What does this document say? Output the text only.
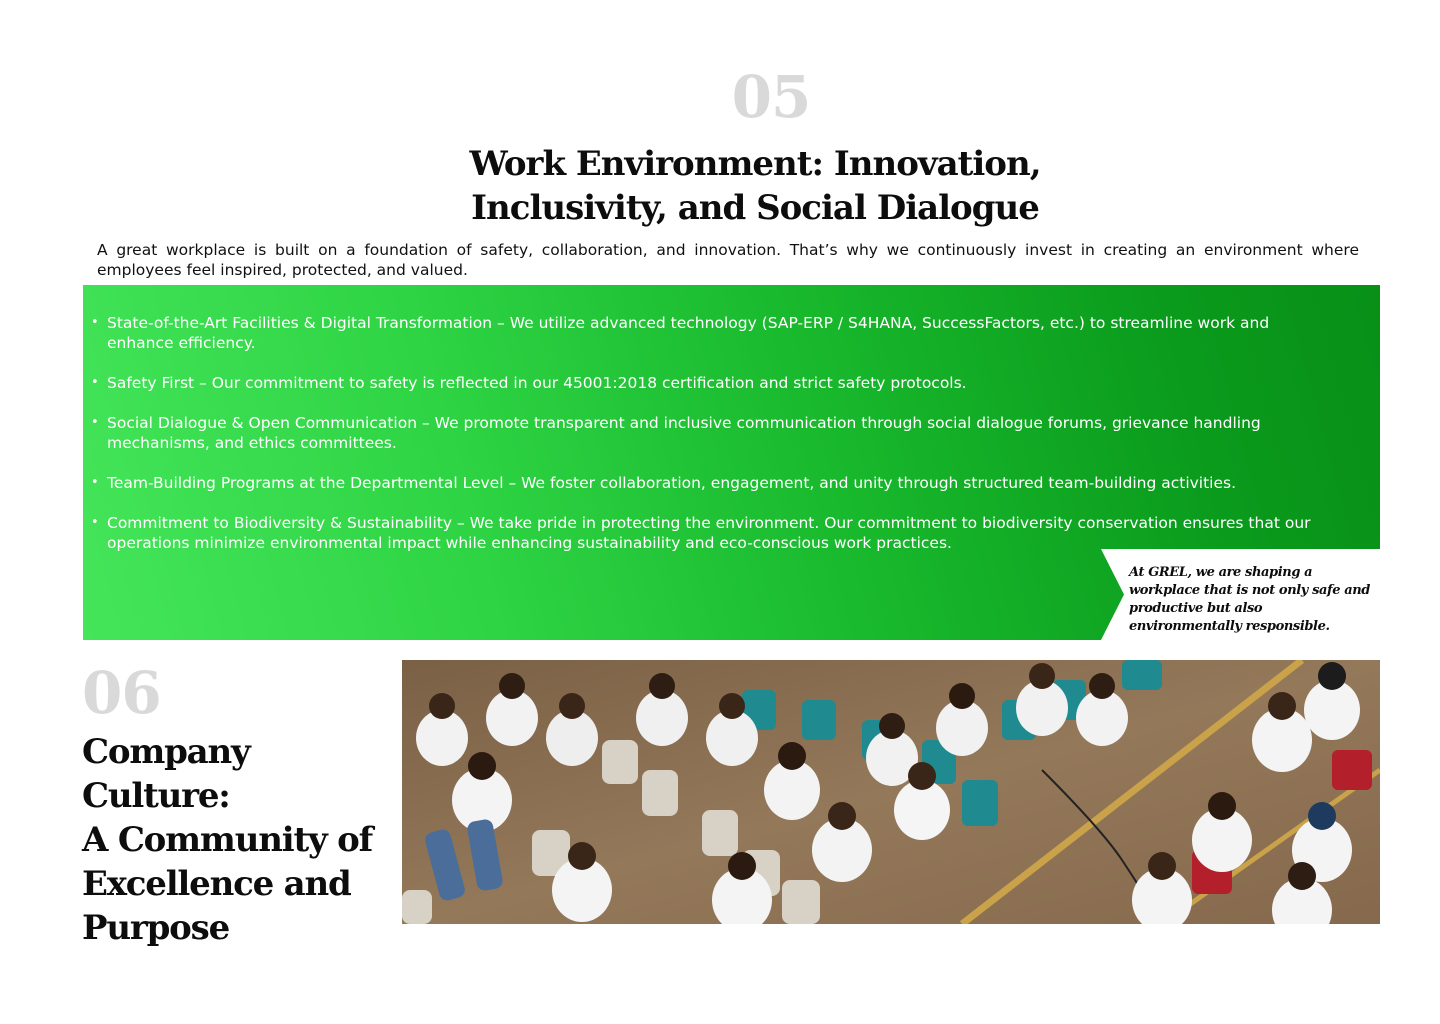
05
Work Environment: Innovation,
Inclusivity, and Social Dialogue

A great workplace is built on a foundation of safety, collaboration, and innovation. That’s why we continuously invest in creating an environment where employees feel inspired, protected, and valued.

• State-of-the-Art Facilities & Digital Transformation – We utilize advanced technology (SAP-ERP / S4HANA, SuccessFactors, etc.) to streamline work and enhance efficiency.
• Safety First – Our commitment to safety is reflected in our 45001:2018 certification and strict safety protocols.
• Social Dialogue & Open Communication – We promote transparent and inclusive communication through social dialogue forums, grievance handling mechanisms, and ethics committees.
• Team-Building Programs at the Departmental Level – We foster collaboration, engagement, and unity through structured team-building activities.
• Commitment to Biodiversity & Sustainability – We take pride in protecting the environment. Our commitment to biodiversity conservation ensures that our operations minimize environmental impact while enhancing sustainability and eco-conscious work practices.

At GREL, we are shaping a workplace that is not only safe and productive but also environmentally responsible.

06
Company Culture:
A Community of
Excellence and
Purpose
